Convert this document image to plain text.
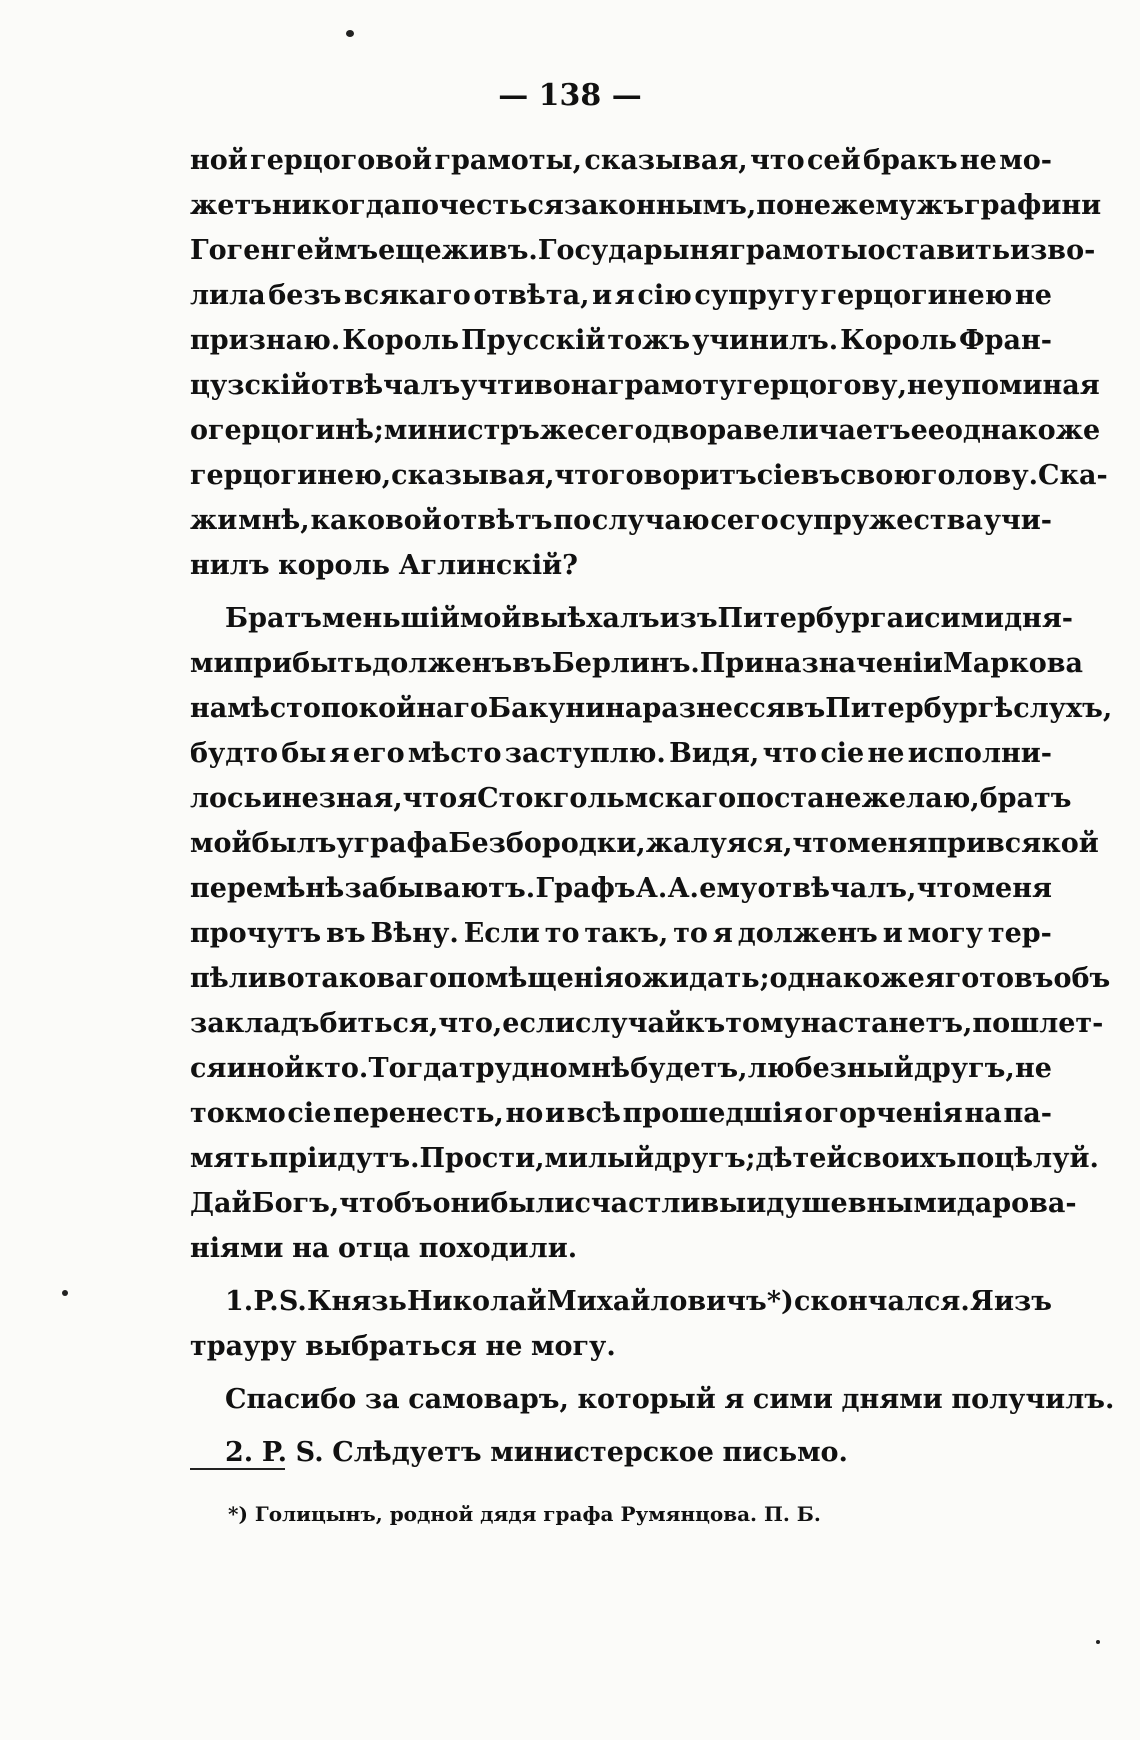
— 138 —
ной герцоговой грамоты, сказывая, что сей бракъ не мо-
жетъ никогда почесться законнымъ, понеже мужъ графини
Гогенгеймъ еще живъ. Государыня грамоты оставить изво-
лила безъ всякаго отвѣта, и я сію супругу герцогинею не
признаю. Король Прусскій тожъ учинилъ. Король Фран-
цузскій отвѣчалъ учтиво на грамоту герцогову, не упоминая
о герцогинѣ; министръ же сего двора величаетъ ее однакожe
герцогинею, сказывая, что говоритъ сіе въ свою голову. Ска-
жи мнѣ, каковой отвѣтъ по случаю сего супружества учи-
нилъ король Аглинскій?
Братъ меньшій мой выѣхалъ изъ Питербурга и сими дня-
ми прибыть долженъ въ Берлинъ. При назначеніи Маркова
на мѣсто покойнаго Бакунина разнесся въ Питербургѣ слухъ,
будто бы я его мѣсто заступлю. Видя, что сіе не исполни-
лось и не зная, что я Стокгольмскаго поста не желаю, братъ
мой былъ у графа Безбородки, жалуяся, что меня при всякой
перемѣнѣ забываютъ. Графъ А. А. ему отвѣчалъ, что меня
прочутъ въ Вѣну. Если то такъ, то я долженъ и могу тер-
пѣливо таковаго помѣщенія ожидать; однакоже я готовъ объ
закладъ биться, что, если случай къ тому настанетъ, пошлет-
ся иной кто. Тогда трудно мнѣ будетъ, любезный другъ, не
токмо сіе перенесть, но и всѣ прошедшія огорченія на па-
мять пріидутъ. Прости, милый другъ; дѣтей своихъ поцѣлуй.
Дай Богъ, чтобъ они были счастливы и душевными дарова-
ніями на отца походили.
1. P. S. Князь Николай Михайловичъ *) скончался. Я изъ
трауру выбраться не могу.
Спасибо за самоваръ, который я сими днями получилъ.
2. P. S. Слѣдуетъ министерское письмо.
*) Голицынъ, родной дядя графа Румянцова. П. Б.
